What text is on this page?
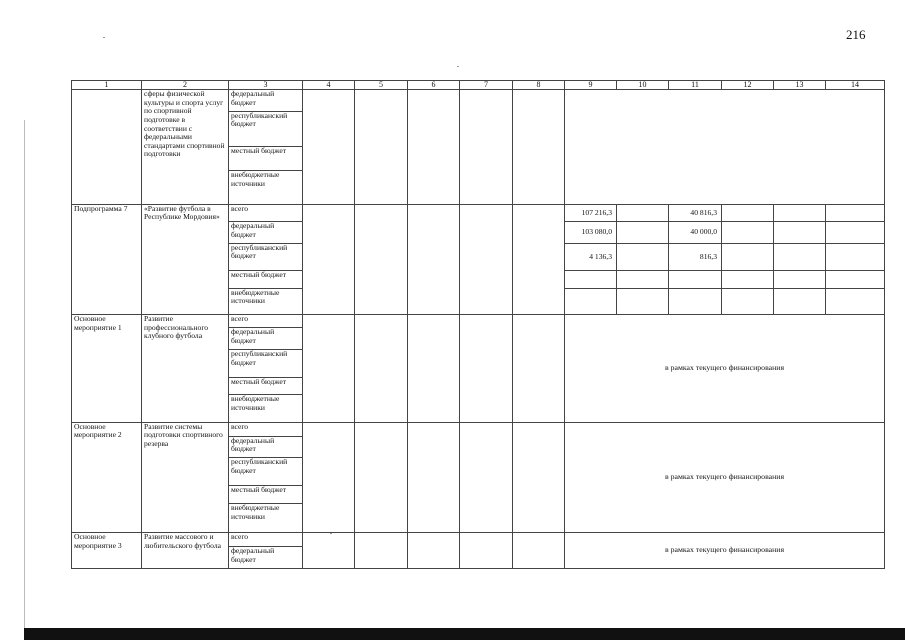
216
1	2	3	4	5	6	7	8	9	10	11	12	13	14
	сферы физической культуры и спорта услуг по спортивной подготовке в соответствии с федеральными стандартами спортивной подготовки	федеральный бюджет											
		республиканский бюджет											
		местный бюджет											
		внебюджетные источники											
Подпрограмма 7	«Развитие футбола в Республике Мордовия»	всего						107 216,3		40 816,3			
		федеральный бюджет						103 080,0		40 000,0			
		республиканский бюджет						4 136,3		816,3			
		местный бюджет											
		внебюджетные источники											
Основное мероприятие 1	Развитие профессионального клубного футбола	всего						в рамках текущего финансирования					
		федеральный бюджет											
		республиканский бюджет											
		местный бюджет											
		внебюджетные источники											
Основное мероприятие 2	Развитие системы подготовки спортивного резерва	всего						в рамках текущего финансирования					
		федеральный бюджет											
		республиканский бюджет											
		местный бюджет											
		внебюджетные источники											
Основное мероприятие 3	Развитие массового и любительского футбола	всего						в рамках текущего финансирования					
		федеральный бюджет											
